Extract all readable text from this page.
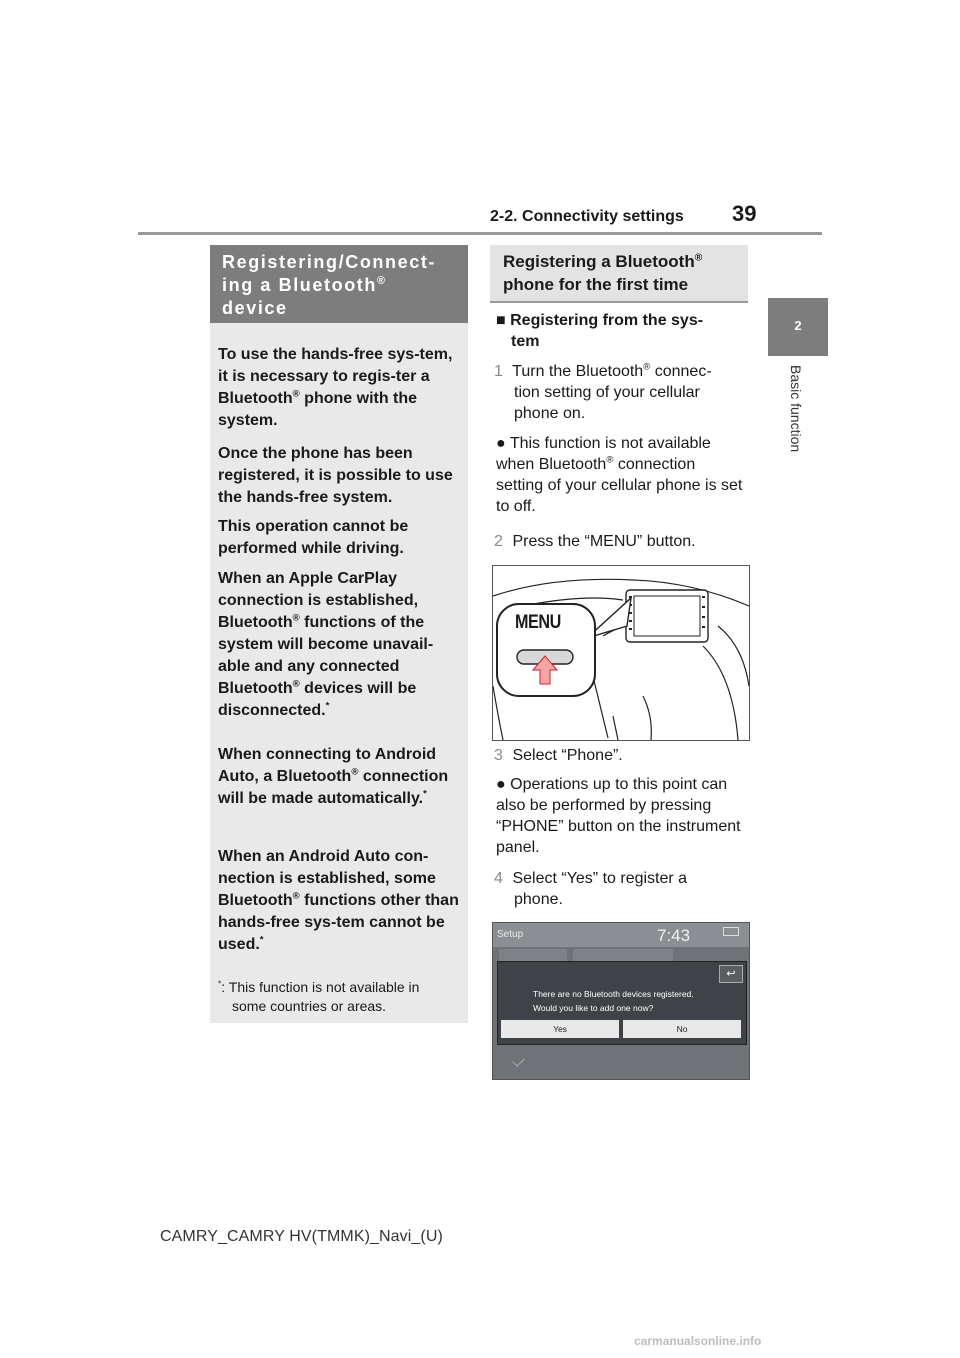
2-2. Connectivity settings 39
2
Basic function
Registering/Connect-ing a Bluetooth®
device

To use the hands-free sys-tem, it is necessary to regis-ter a Bluetooth® phone with the system.

Once the phone has been registered, it is possible to use the hands-free system.

This operation cannot be performed while driving.

When an Apple CarPlay connection is established, Bluetooth® functions of the system will become unavail-able and any connected Bluetooth® devices will be disconnected.*

When connecting to Android Auto, a Bluetooth® connection will be made automatically.*

When an Android Auto con-nection is established, some Bluetooth® functions other than hands-free sys-tem cannot be used.*

*: This function is not available in
some countries or areas.
Registering a Bluetooth®
phone for the first time
■ Registering from the sys-
tem
1 Turn the Bluetooth® connec-
tion setting of your cellular phone on.
● This function is not available when Bluetooth® connection setting of your cellular phone is set to off.
2 Press the “MENU” button.
MENU
3 Select “Phone”.
● Operations up to this point can also be performed by pressing “PHONE” button on the instrument panel.
4 Select “Yes” to register a
phone.
Setup	7:43
↩
There are no Bluetooth devices registered.
Would you like to add one now?
Yes	No
CAMRY_CAMRY HV(TMMK)_Navi_(U)
carmanualsonline.info
